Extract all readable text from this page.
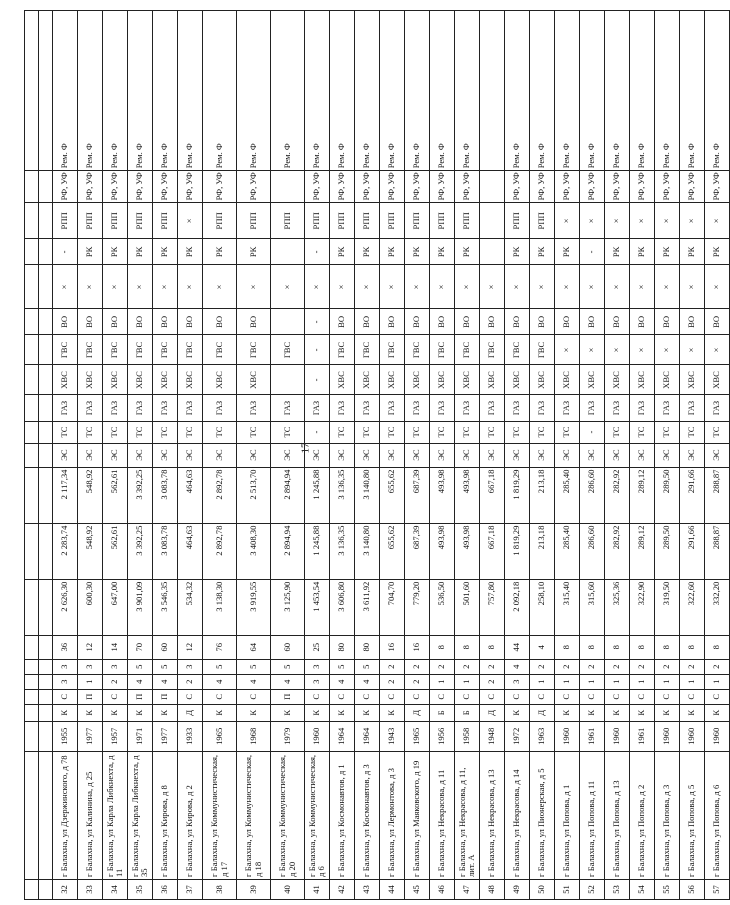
17

32	г Балахна, ул Дзержинского, д 78	1955	К	С	3	3	36	2 626,30	2 283,74	2 117,34	ЭС	ТС	ГАЗ	ХВС	ГВС	ВО	×	-	РПП	РФ, УФ	Рем. Ф
33	г Балахна, ул Калинина, д 25	1977	К	П	1	3	12	600,30	548,92	548,92	ЭС	ТС	ГАЗ	ХВС	ГВС	ВО	×	РК	РПП	РФ, УФ	Рем. Ф
34	г Балахна, ул Карла Либкнехта, д 11	1957	К	С	2	3	14	647,00	562,61	562,61	ЭС	ТС	ГАЗ	ХВС	ГВС	ВО	×	РК	РПП	РФ, УФ	Рем. Ф
35	г Балахна, ул Карла Либкнехта, д 35	1971	К	П	4	5	70	3 901,09	3 392,25	3 392,25	ЭС	ТС	ГАЗ	ХВС	ГВС	ВО	×	РК	РПП	РФ, УФ	Рем. Ф
36	г Балахна, ул Кирова, д 8	1977	К	П	4	5	60	3 546,35	3 083,78	3 083,78	ЭС	ТС	ГАЗ	ХВС	ГВС	ВО	×	РК	РПП	РФ, УФ	Рем. Ф
37	г Балахна, ул Кирова, д 2	1933	Д	С	2	3	12	534,32	464,63	464,63	ЭС	ТС	ГАЗ	ХВС	ГВС	ВО	×	РК	×	РФ, УФ	Рем. Ф
38	г Балахна, ул Коммунистическая, д 17	1965	К	С	4	5	76	3 138,30	2 892,78	2 892,78	ЭС	ТС	ГАЗ	ХВС	ГВС	ВО	×	РК	РПП	РФ, УФ	Рем. Ф
39	г Балахна, ул Коммунистическая, д 18	1968	К	С	4	5	64	3 919,55	3 408,30	2 513,70	ЭС	ТС	ГАЗ	ХВС	ГВС	ВО	×	РК	РПП	РФ, УФ	Рем. Ф
40	г Балахна, ул Коммунистическая, д 20	1979	К	П	4	5	60	3 125,90	2 894,94	2 894,94	ЭС	ТС	ГАЗ		ГВС		×		РПП		Рем. Ф
41	г Балахна, ул Коммунистическая, д 6	1960	К	С	3	3	25	1 453,54	1 245,88	1 245,88	ЭС	-	ГАЗ	-	-	-	×	-	РПП	РФ, УФ	Рем. Ф
42	г Балахна, ул Космонавтов, д 1	1964	К	С	4	5	80	3 606,80	3 136,35	3 136,35	ЭС	ТС	ГАЗ	ХВС	ГВС	ВО	×	РК	РПП	РФ, УФ	Рем. Ф
43	г Балахна, ул Космонавтов, д 3	1964	К	С	4	5	80	3 611,92	3 140,80	3 140,80	ЭС	ТС	ГАЗ	ХВС	ГВС	ВО	×	РК	РПП	РФ, УФ	Рем. Ф
44	г Балахна, ул Лермонтова, д 3	1943	К	С	2	2	16	704,70	655,62	655,62	ЭС	ТС	ГАЗ	ХВС	ГВС	ВО	×	РК	РПП	РФ, УФ	Рем. Ф
45	г Балахна, ул Маяковского, д 19	1965	Д	С	2	2	16	779,20	687,39	687,39	ЭС	ТС	ГАЗ	ХВС	ГВС	ВО	×	РК	РПП	РФ, УФ	Рем. Ф
46	г Балахна, ул Некрасова, д 11	1956	Б	С	1	2	8	536,50	493,98	493,98	ЭС	ТС	ГАЗ	ХВС	ГВС	ВО	×	РК	РПП	РФ, УФ	Рем. Ф
47	г Балахна, ул Некрасова, д 11, лит. А	1958	Б	С	1	2	8	501,60	493,98	493,98	ЭС	ТС	ГАЗ	ХВС	ГВС	ВО	×	РК	РПП	РФ, УФ	Рем. Ф
48	г Балахна, ул Некрасова, д 13	1948	Д	С	2	2	8	757,80	667,18	667,18	ЭС	ТС	ГАЗ	ХВС	ГВС	ВО	×				
49	г Балахна, ул Некрасова, д 14	1972	К	С	3	4	44	2 092,18	1 819,29	1 819,29	ЭС	ТС	ГАЗ	ХВС	ГВС	ВО	×	РК	РПП	РФ, УФ	Рем. Ф
50	г Балахна, ул Пионерская, д 5	1963	Д	С	1	2	4	258,10	213,18	213,18	ЭС	ТС	ГАЗ	ХВС	ГВС	ВО	×	РК	РПП	РФ, УФ	Рем. Ф
51	г Балахна, ул Попова, д 1	1960	К	С	1	2	8	315,40	285,40	285,40	ЭС	ТС	ГАЗ	ХВС	×	ВО	×	РК	×	РФ, УФ	Рем. Ф
52	г Балахна, ул Попова, д 11	1961	К	С	1	2	8	315,60	286,60	286,60	ЭС	-	ГАЗ	ХВС	×	ВО	×	-	×	РФ, УФ	Рем. Ф
53	г Балахна, ул Попова, д 13	1960	К	С	1	2	8	325,36	282,92	282,92	ЭС	ТС	ГАЗ	ХВС	×	ВО	×	РК	×	РФ, УФ	Рем. Ф
54	г Балахна, ул Попова, д 2	1961	К	С	1	2	8	322,90	289,12	289,12	ЭС	ТС	ГАЗ	ХВС	×	ВО	×	РК	×	РФ, УФ	Рем. Ф
55	г Балахна, ул Попова, д 3	1960	К	С	1	2	8	319,50	289,50	289,50	ЭС	ТС	ГАЗ	ХВС	×	ВО	×	РК	×	РФ, УФ	Рем. Ф
56	г Балахна, ул Попова, д 5	1960	К	С	1	2	8	322,60	291,66	291,66	ЭС	ТС	ГАЗ	ХВС	×	ВО	×	РК	×	РФ, УФ	Рем. Ф
57	г Балахна, ул Попова, д 6	1960	К	С	1	2	8	332,20	288,87	288,87	ЭС	ТС	ГАЗ	ХВС	×	ВО	×	РК	×	РФ, УФ	Рем. Ф
